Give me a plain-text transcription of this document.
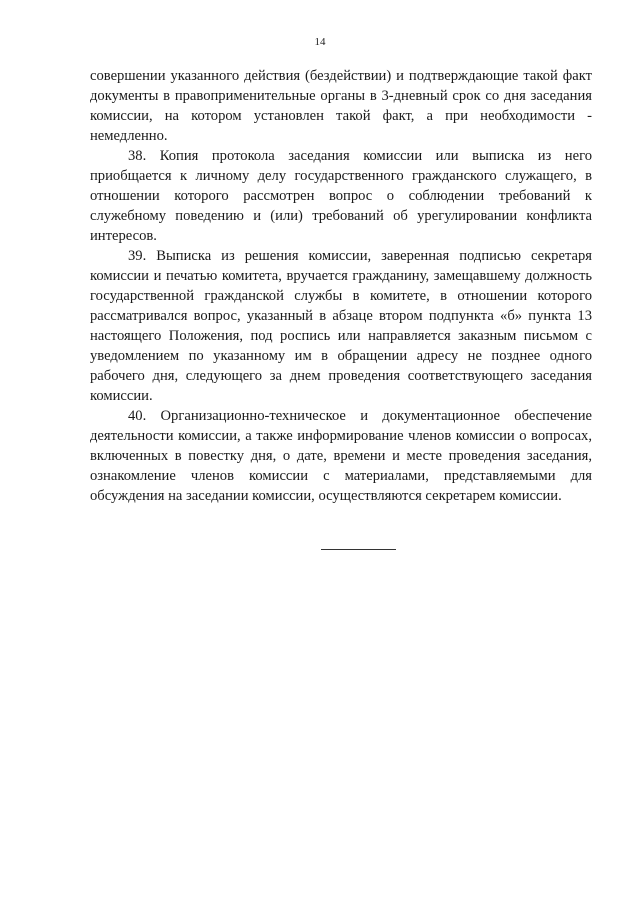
14

совершении указанного действия (бездействии) и подтверждающие такой факт документы в правоприменительные органы в 3-дневный срок со дня заседания комиссии, на котором установлен такой факт, а при необходимости - немедленно.

38. Копия протокола заседания комиссии или выписка из него приобщается к личному делу государственного гражданского служащего, в отношении которого рассмотрен вопрос о соблюдении требований к служебному поведению и (или) требований об урегулировании конфликта интересов.

39. Выписка из решения комиссии, заверенная подписью секретаря комиссии и печатью комитета, вручается гражданину, замещавшему должность государственной гражданской службы в комитете, в отношении которого рассматривался вопрос, указанный в абзаце втором подпункта «б» пункта 13 настоящего Положения, под роспись или направляется заказным письмом с уведомлением по указанному им в обращении адресу не позднее одного рабочего дня, следующего за днем проведения соответствующего заседания комиссии.

40. Организационно-техническое и документационное обеспечение деятельности комиссии, а также информирование членов комиссии о вопросах, включенных в повестку дня, о дате, времени и месте проведения заседания, ознакомление членов комиссии с материалами, представляемыми для обсуждения на заседании комиссии, осуществляются секретарем комиссии.
